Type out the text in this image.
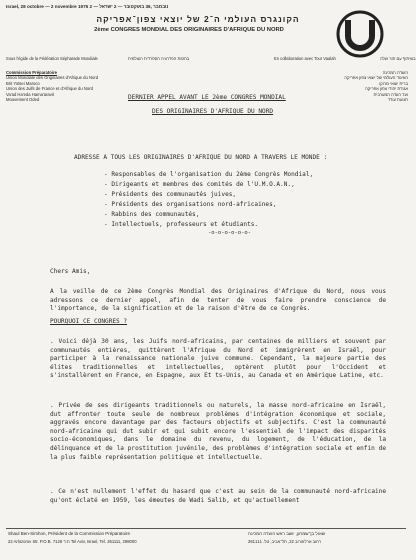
Israel, 28 octobre — 2 novembre 1975 2 — נובמבר ,36 באוקטובר — 2 ישראל
הקונגרס העולמי ה־2 של יוצאי צפון־אפריקה
2ème CONGRES MONDIAL DES ORIGINAIRES D'AFRIQUE DU NORD
Sous l'égide de la Fédération Sépharade Mondiale	בחסות הפדרציה הספרדית העולמית	En collaboration avec Tour Vaalah	בשיתוף עם תור ועלה
Commission Préparatoire
Union Mondiale des Originaires d'Afrique du Nord
Brit Yotsei Maroco
Union des Juifs de France et d'Afrique du Nord
Va'ad Ha'eda Hama'aravit
Mouvement Oded
הועדה המכינה
האיגוד העולמי של יוצאי צפון אפריקה
ברית יוצאי מרוקו
אגודת יהודי צפון אפריקה
ועד העדה המערבית
תנועת עודד
DERNIER APPEL AVANT LE 2ème CONGRES MONDIAL
DES ORIGINAIRES D'AFRIQUE DU NORD
ADRESSE A TOUS LES ORIGINAIRES D'AFRIQUE DU NORD A TRAVERS LE MONDE :
- Responsables de l'organisation du 2ème Congrès Mondial,
- Dirigeants et membres des comités de l'U.M.O.A.N.,
- Présidents des communautés juives,
- Présidents des organisations nord-africaines,
- Rabbins des communautés,
- Intellectuels, professeurs et étudiants.
-o-o-o-o-o-o-
Chers Amis,
A la veille de ce 2ème Congrès Mondial des Originaires d'Afrique du Nord, nous vous adressons ce dernier appel, afin de tenter de vous faire prendre conscience de l'importance, de la signification et de la raison d'être de ce Congrès.
POURQUOI CE CONGRES ?
. Voici déjà 30 ans, les Juifs nord-africains, par centaines de milliers et souvent par communautés entières, quittèrent l'Afrique du Nord et immigrèrent en Israël, pour participer à la renaissance nationale juive commune. Cependant, la majeure partie des élites traditionnelles et intellectuelles, optèrent plutôt pour l'Occident et s'installèrent en France, en Espagne, aux Et ts-Unis, au Canada et en Amérique Latine, etc.
. Privée de ses dirigeants traditionnels ou naturels, la masse nord-africaine en Israël, dut affronter toute seule de nombreux problèmes d'intégration économique et sociale, aggravés encore davantage par des facteurs objectifs et subjectifs. C'est la communauté nord-africaine qui dut subir et qui subit encore l'essentiel de l'impact des disparités socio-économiques, dans le domaine du revenu, du logement, de l'éducation, de la délinquance et de la prostitution juvénile, des problèmes d'intégration sociale et enfin de la plus faible représentation politique et intellectuelle.
. Ce n'est nullement l'effet du hasard que c'est au sein de la communauté nord-africaine qu'ont éclaté en 1959, les émeutes de Wadi Salib, et qu'actuellement
Shaul Ben-Simhon, Président de la Commission Préparatoire	שאול בן־שמחון, יושב ראש הועדה המכינה
22 Arlozorov Str. P.O.B. 7126 ת.ד Tel Aviv, Israel, Tel. 261111, 298000	רחוב ארלוזורוב 22, תל־אביב, טל. 261111
